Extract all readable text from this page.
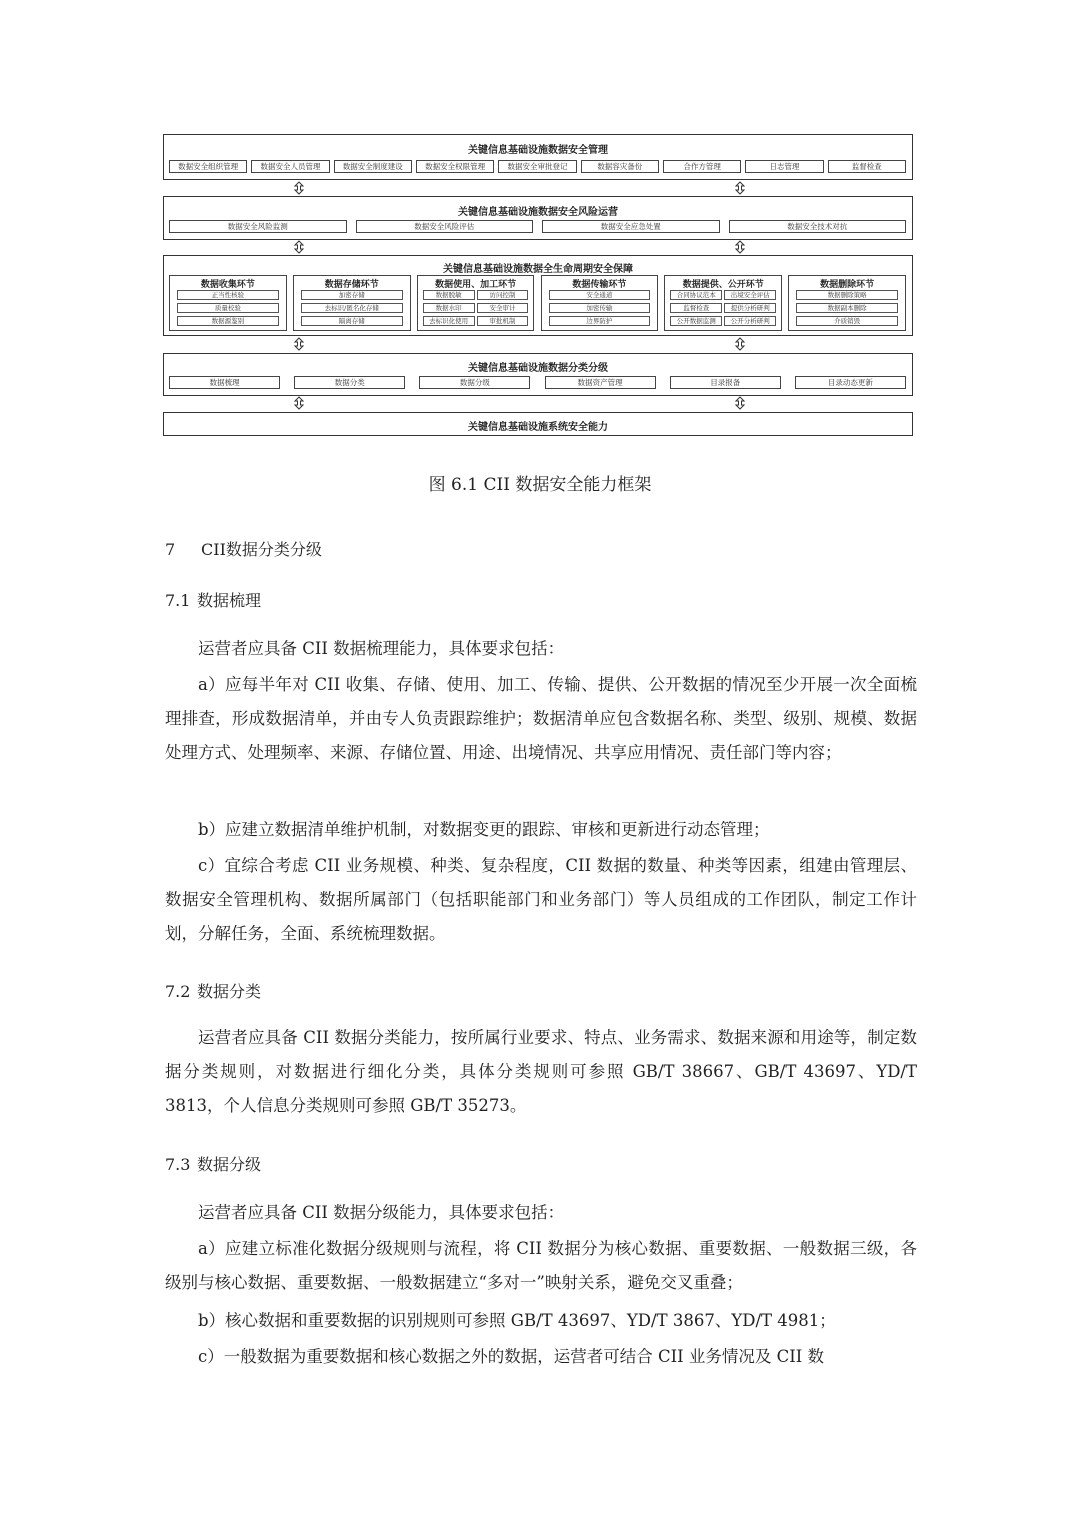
关键信息基础设施数据安全管理
数据安全组织管理	数据安全人员管理	数据安全制度建设	数据安全权限管理	数据安全审批登记	数据容灾备份	合作方管理	日志管理	监督检查
关键信息基础设施数据安全风险运营
数据安全风险监测	数据安全风险评估	数据安全应急处置	数据安全技术对抗
关键信息基础设施数据全生命周期安全保障
数据收集环节
正当性核验
质量校验
数据源鉴别
数据存储环节
加密存储
去标识/匿名化存储
隔离存储
数据使用、加工环节
数据脱敏	访问控制
数据水印	安全审计
去标识化使用	审批机制
数据传输环节
安全通道
加密传输
边界防护
数据提供、公开环节
合同协议范本	出境安全评估
监督检查	提供分析研判
公开数据监测	公开分析研判
数据删除环节
数据删除策略
数据副本删除
介质销毁
关键信息基础设施数据分类分级
数据梳理	数据分类	数据分级	数据资产管理	目录报备	目录动态更新
关键信息基础设施系统安全能力
图 6.1 CII 数据安全能力框架
7 CII数据分类分级
7.1 数据梳理

运营者应具备 CII 数据梳理能力，具体要求包括：

a）应每半年对 CII 收集、存储、使用、加工、传输、提供、公开数据的情况至少开展一次全面梳理排查，形成数据清单，并由专人负责跟踪维护；数据清单应包含数据名称、类型、级别、规模、数据处理方式、处理频率、来源、存储位置、用途、出境情况、共享应用情况、责任部门等内容；

b）应建立数据清单维护机制，对数据变更的跟踪、审核和更新进行动态管理；

c）宜综合考虑 CII 业务规模、种类、复杂程度，CII 数据的数量、种类等因素，组建由管理层、数据安全管理机构、数据所属部门（包括职能部门和业务部门）等人员组成的工作团队，制定工作计划，分解任务，全面、系统梳理数据。

7.2 数据分类

运营者应具备 CII 数据分类能力，按所属行业要求、特点、业务需求、数据来源和用途等，制定数据分类规则，对数据进行细化分类，具体分类规则可参照 GB/T 38667、GB/T 43697、YD/T 3813，个人信息分类规则可参照 GB/T 35273。

7.3 数据分级

运营者应具备 CII 数据分级能力，具体要求包括：

a）应建立标准化数据分级规则与流程，将 CII 数据分为核心数据、重要数据、一般数据三级，各级别与核心数据、重要数据、一般数据建立“多对一”映射关系，避免交叉重叠；

b）核心数据和重要数据的识别规则可参照 GB/T 43697、YD/T 3867、YD/T 4981；

c）一般数据为重要数据和核心数据之外的数据，运营者可结合 CII 业务情况及 CII 数
